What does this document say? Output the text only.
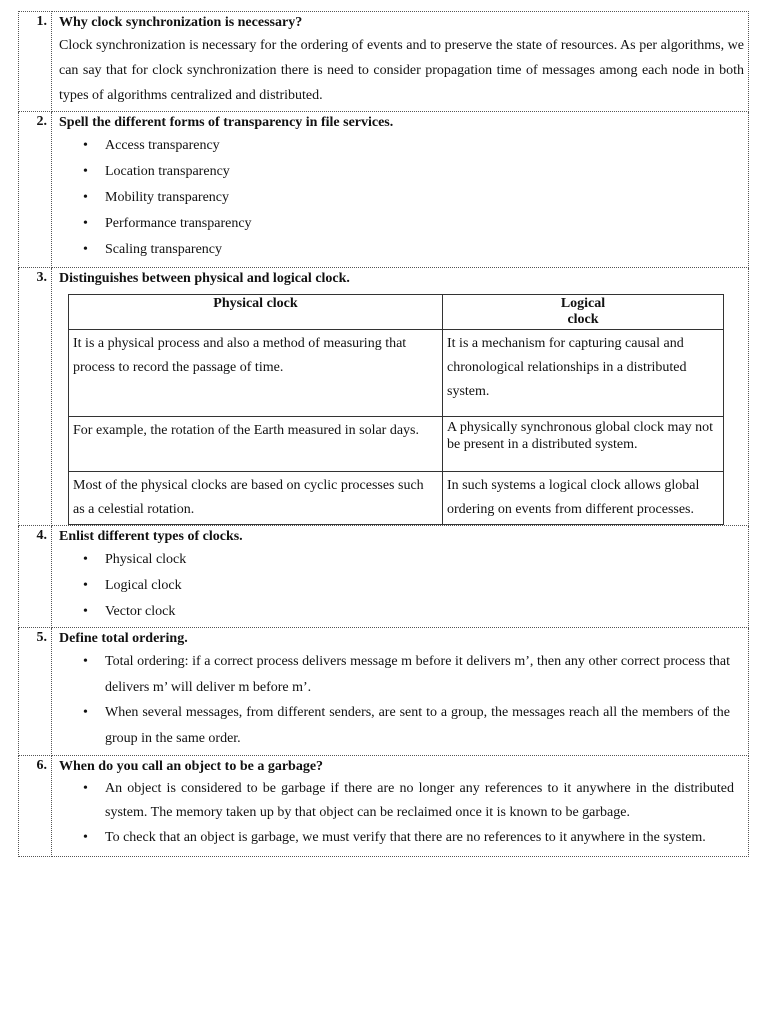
1.	Why clock synchronization is necessary?
Clock synchronization is necessary for the ordering of events and to preserve the state of resources. As per algorithms, we can say that for clock synchronization there is need to consider propagation time of messages among each node in both types of algorithms centralized and distributed.

2.	Spell the different forms of transparency in file services.
• Access transparency
• Location transparency
• Mobility transparency
• Performance transparency
• Scaling transparency

3.	Distinguishes between physical and logical clock.
Physical clock	Logical clock
It is a physical process and also a method of measuring that process to record the passage of time.	It is a mechanism for capturing causal and chronological relationships in a distributed system.
For example, the rotation of the Earth measured in solar days.	A physically synchronous global clock may not be present in a distributed system.
Most of the physical clocks are based on cyclic processes such as a celestial rotation.	In such systems a logical clock allows global ordering on events from different processes.

4.	Enlist different types of clocks.
• Physical clock
• Logical clock
• Vector clock

5.	Define total ordering.
• Total ordering: if a correct process delivers message m before it delivers m’, then any other correct process that delivers m’ will deliver m before m’.
• When several messages, from different senders, are sent to a group, the messages reach all the members of the group in the same order.

6.	When do you call an object to be a garbage?
• An object is considered to be garbage if there are no longer any references to it anywhere in the distributed system. The memory taken up by that object can be reclaimed once it is known to be garbage.
• To check that an object is garbage, we must verify that there are no references to it anywhere in the system.
